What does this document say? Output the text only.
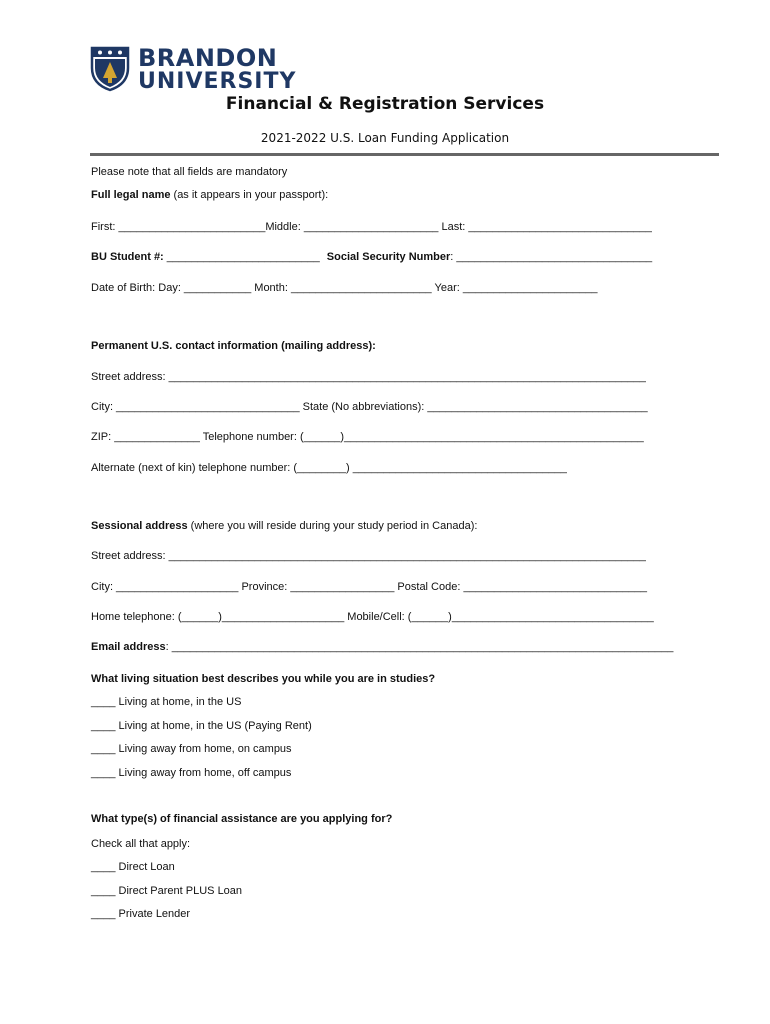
BRANDON
UNIVERSITY
Financial & Registration Services
2021-2022 U.S. Loan Funding Application
Please note that all fields are mandatory
Full legal name (as it appears in your passport):
First: ________________________Middle: ______________________ Last: ______________________________
BU Student #: _________________________ Social Security Number: ________________________________
Date of Birth: Day: ___________ Month: _______________________ Year: ______________________
Permanent U.S. contact information (mailing address):
Street address: ______________________________________________________________________________
City: ______________________________ State (No abbreviations): ____________________________________
ZIP: ______________ Telephone number: (______)_________________________________________________
Alternate (next of kin) telephone number: (________) ___________________________________
Sessional address (where you will reside during your study period in Canada):
Street address: ______________________________________________________________________________
City: ____________________ Province: _________________ Postal Code: ______________________________
Home telephone: (______)____________________ Mobile/Cell: (______)_________________________________
Email address: __________________________________________________________________________________
What living situation best describes you while you are in studies?
____ Living at home, in the US
____ Living at home, in the US (Paying Rent)
____ Living away from home, on campus
____ Living away from home, off campus
What type(s) of financial assistance are you applying for?
Check all that apply:
____ Direct Loan
____ Direct Parent PLUS Loan
____ Private Lender
